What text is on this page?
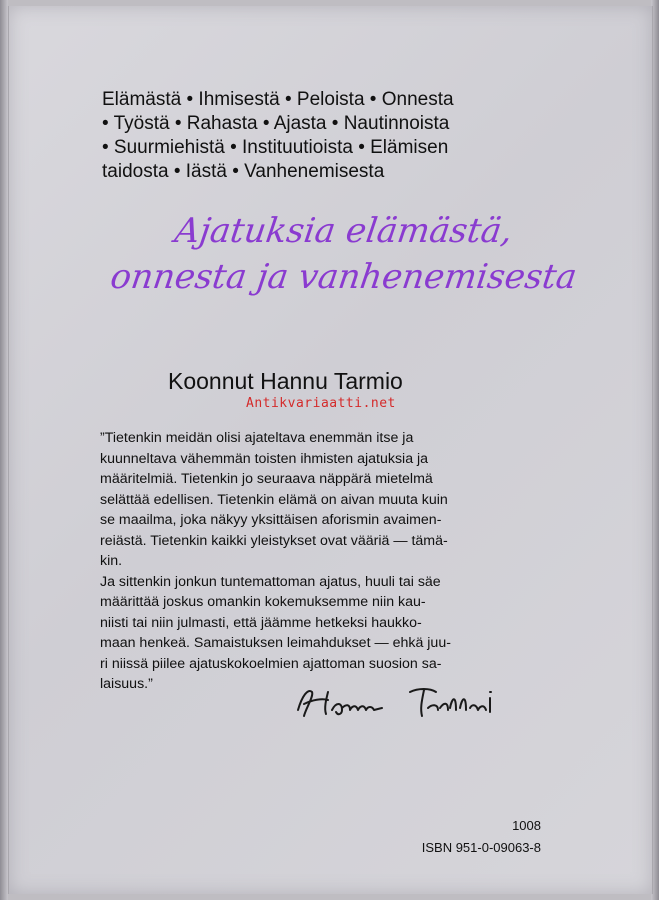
Elämästä • Ihmisestä • Peloista • Onnesta
• Työstä • Rahasta • Ajasta • Nautinnoista
• Suurmiehistä • Instituutioista • Elämisen
taidosta • Iästä • Vanhenemisesta
Ajatuksia elämästä,
onnesta ja vanhenemisesta
Koonnut Hannu Tarmio
Antikvariaatti.net
”Tietenkin meidän olisi ajateltava enemmän itse ja
kuunneltava vähemmän toisten ihmisten ajatuksia ja
määritelmiä. Tietenkin jo seuraava näppärä mietelmä
selättää edellisen. Tietenkin elämä on aivan muuta kuin
se maailma, joka näkyy yksittäisen aforismin avaimen-
reiästä. Tietenkin kaikki yleistykset ovat vääriä — tämä-
kin.
Ja sittenkin jonkun tuntemattoman ajatus, huuli tai säe
määrittää joskus omankin kokemuksemme niin kau-
niisti tai niin julmasti, että jäämme hetkeksi haukko-
maan henkeä. Samaistuksen leimahdukset — ehkä juu-
ri niissä piilee ajatuskokoelmien ajattoman suosion sa-
laisuus.”
1008
ISBN 951-0-09063-8
